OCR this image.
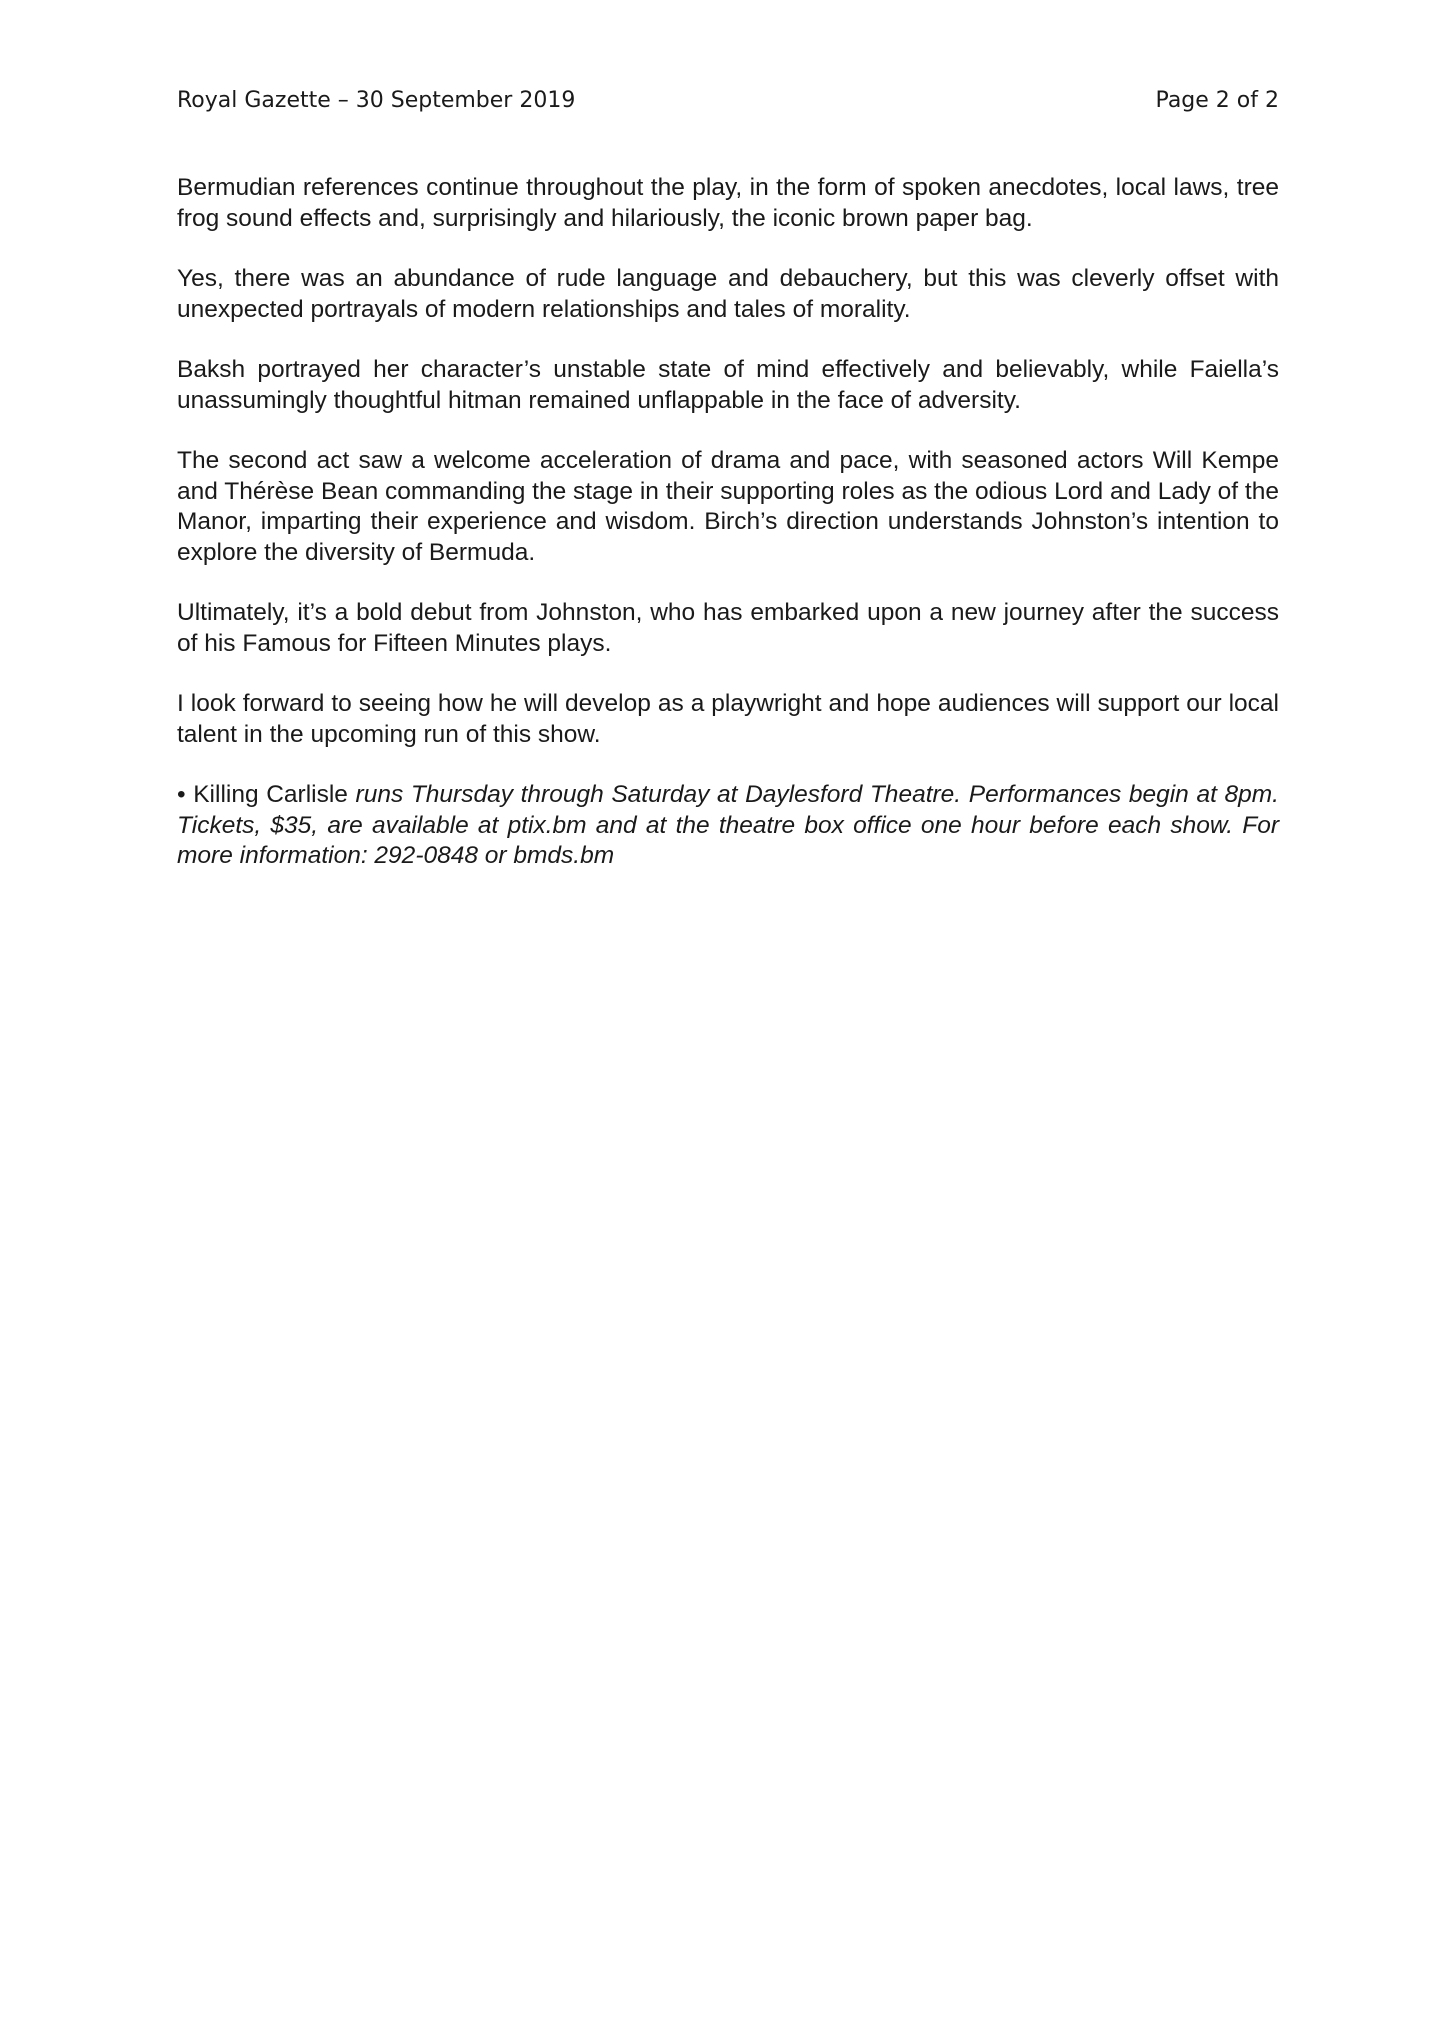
Royal Gazette – 30 September 2019	Page 2 of 2

Bermudian references continue throughout the play, in the form of spoken anecdotes, local laws, tree frog sound effects and, surprisingly and hilariously, the iconic brown paper bag.

Yes, there was an abundance of rude language and debauchery, but this was cleverly offset with unexpected portrayals of modern relationships and tales of morality.

Baksh portrayed her character’s unstable state of mind effectively and believably, while Faiella’s unassumingly thoughtful hitman remained unflappable in the face of adversity.

The second act saw a welcome acceleration of drama and pace, with seasoned actors Will Kempe and Thérèse Bean commanding the stage in their supporting roles as the odious Lord and Lady of the Manor, imparting their experience and wisdom. Birch’s direction understands Johnston’s intention to explore the diversity of Bermuda.

Ultimately, it’s a bold debut from Johnston, who has embarked upon a new journey after the success of his Famous for Fifteen Minutes plays.

I look forward to seeing how he will develop as a playwright and hope audiences will support our local talent in the upcoming run of this show.

• Killing Carlisle runs Thursday through Saturday at Daylesford Theatre. Performances begin at 8pm. Tickets, $35, are available at ptix.bm and at the theatre box office one hour before each show. For more information: 292-0848 or bmds.bm
